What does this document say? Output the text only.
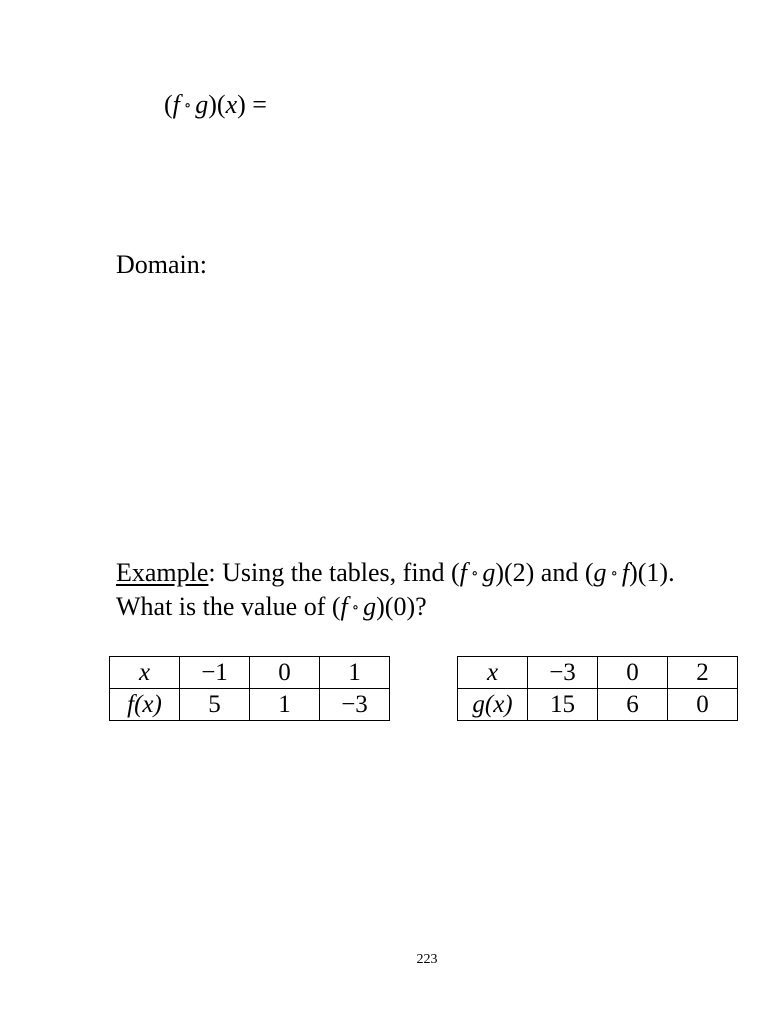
(f ∘ g)(x) =
Domain:
Example: Using the tables, find (f ∘ g)(2) and (g ∘ f)(1).
What is the value of (f ∘ g)(0)?
x	−1	0	1
f(x)	5	1	−3
x	−3	0	2
g(x)	15	6	0
223
